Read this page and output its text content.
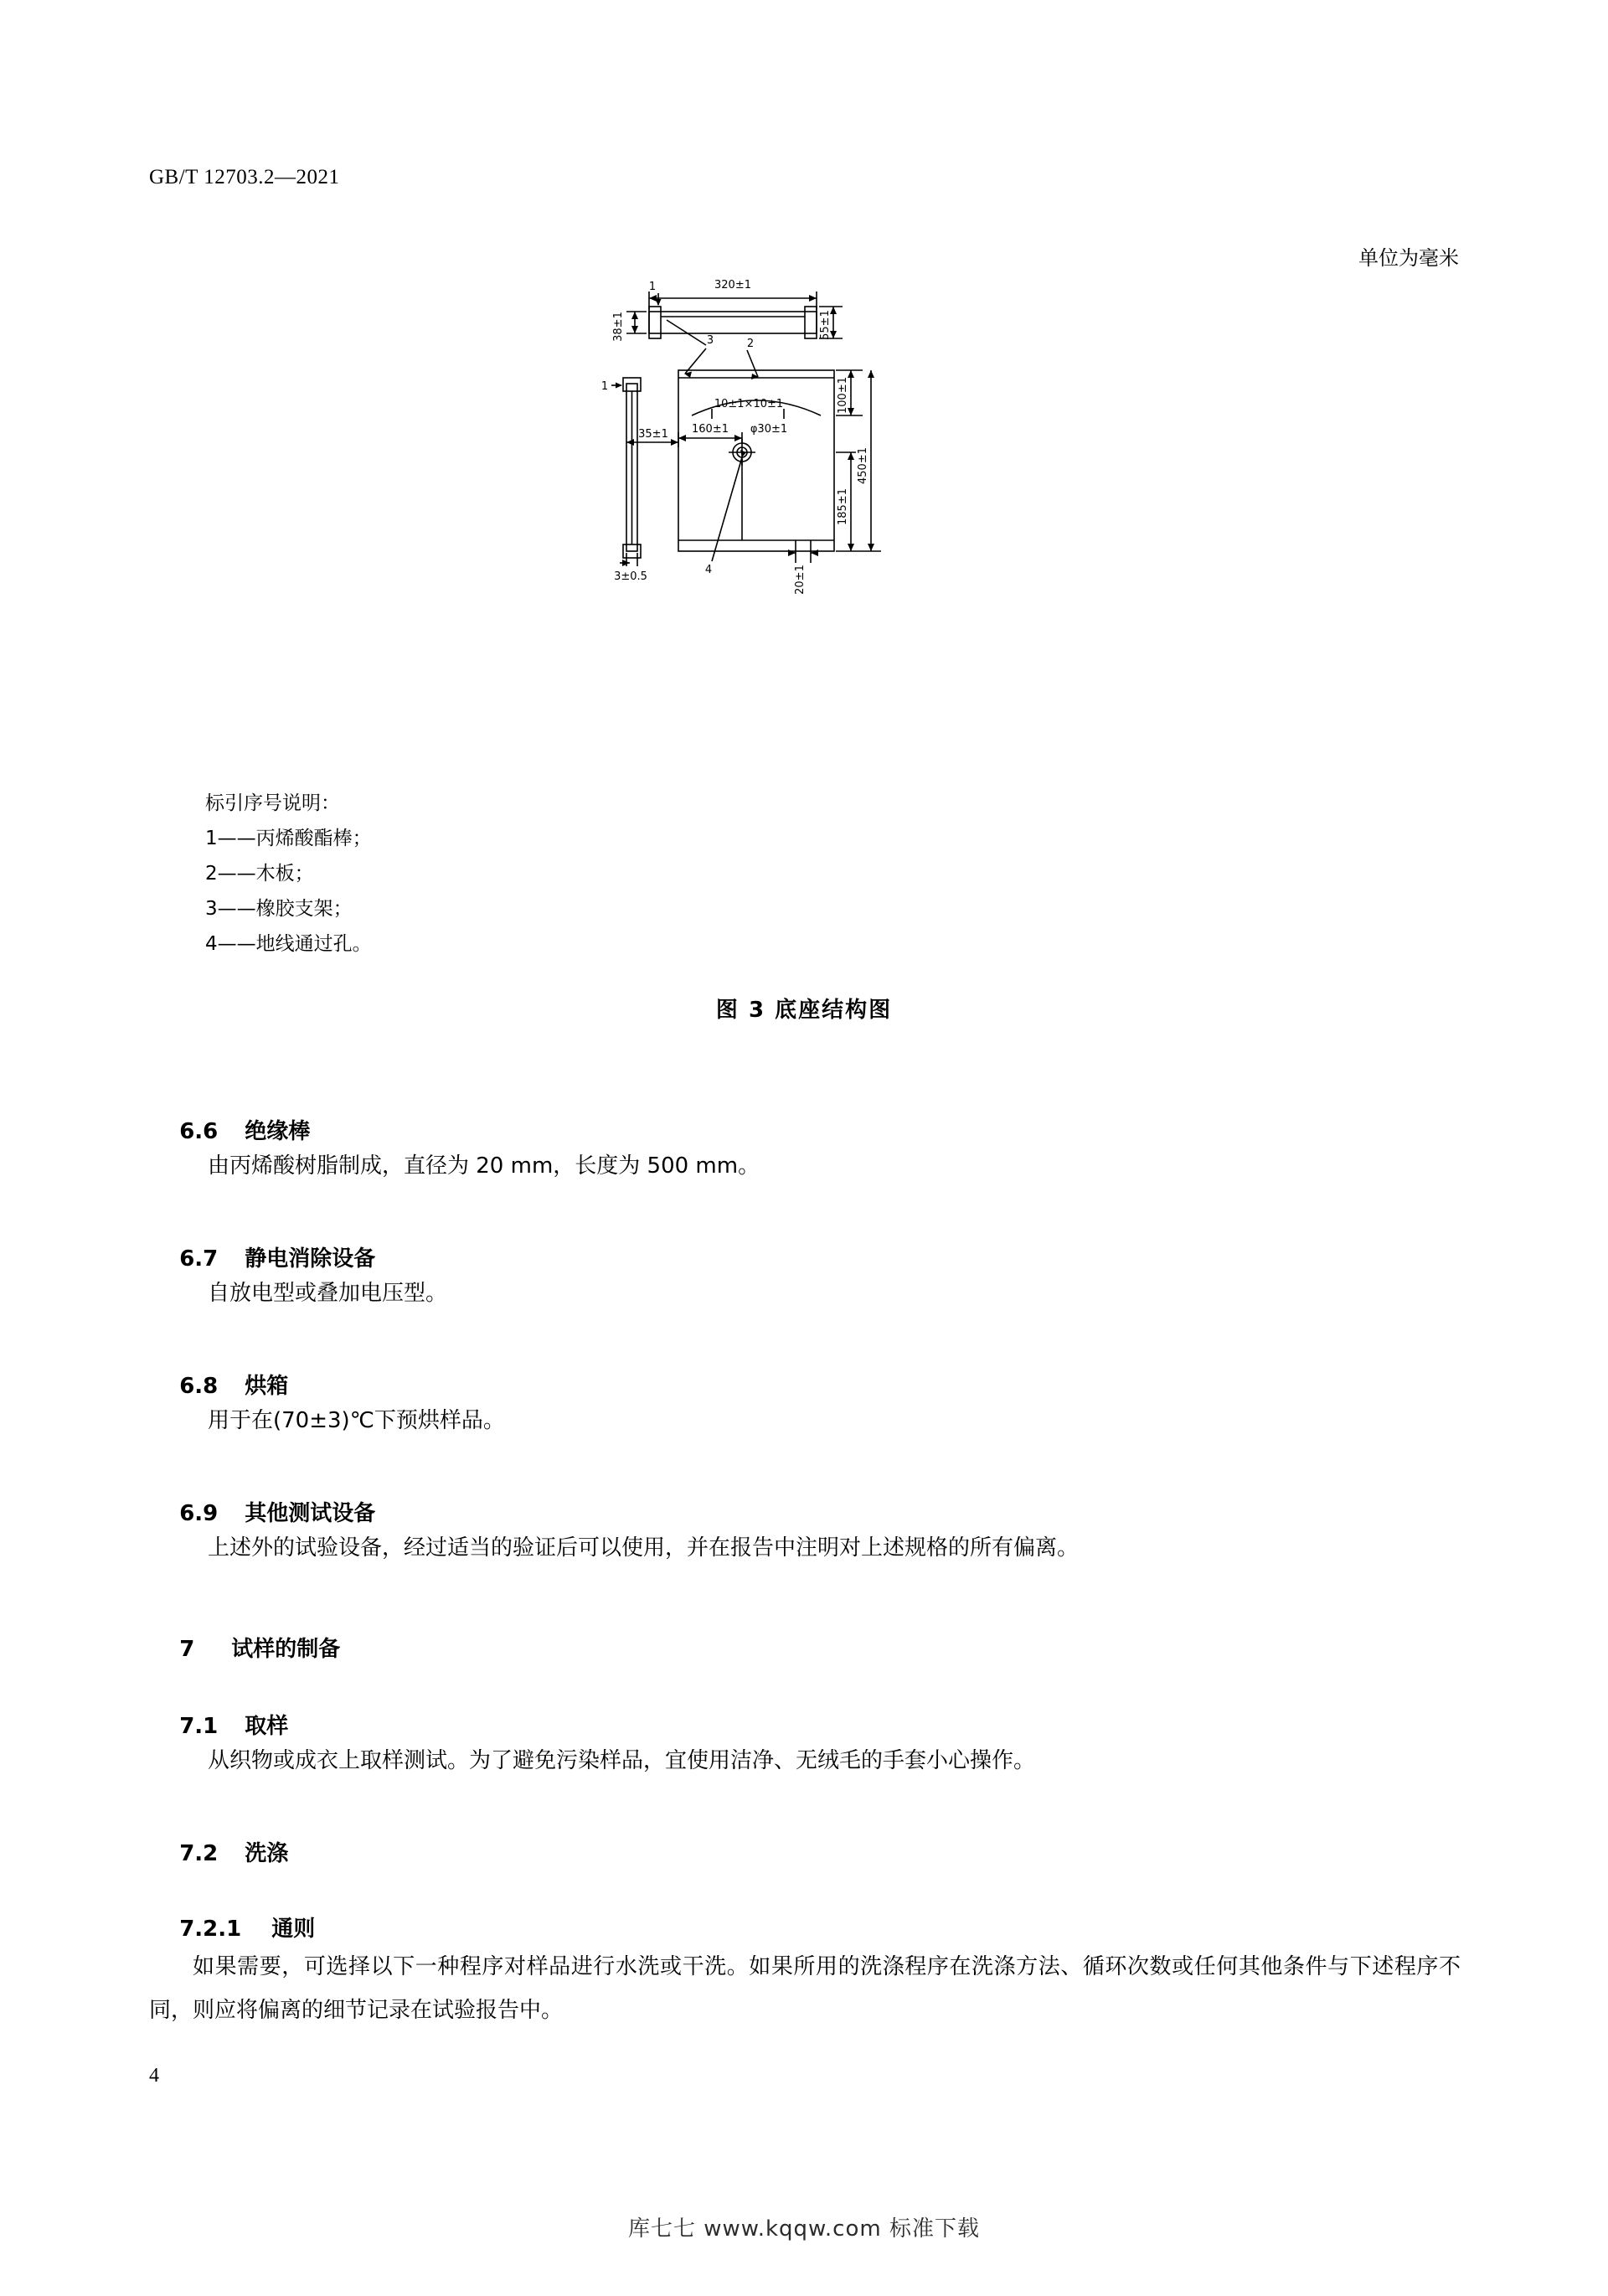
GB/T 12703.2—2021
单位为毫米
320±1
38±1	55±1
1
1
3	2
4
10±1×10±1	100±1
450±1
185±1
160±1 φ30±1
35±1
3±0.5	20±1
标引序号说明：
1——丙烯酸酯棒；
2——木板；
3——橡胶支架；
4——地线通过孔。
图 3 底座结构图

6.6 绝缘棒

由丙烯酸树脂制成，直径为 20 mm，长度为 500 mm。

6.7 静电消除设备

自放电型或叠加电压型。

6.8 烘箱

用于在(70±3)℃下预烘样品。

6.9 其他测试设备

上述外的试验设备，经过适当的验证后可以使用，并在报告中注明对上述规格的所有偏离。

7 试样的制备

7.1 取样

从织物或成衣上取样测试。为了避免污染样品，宜使用洁净、无绒毛的手套小心操作。

7.2 洗涤

7.2.1 通则

如果需要，可选择以下一种程序对样品进行水洗或干洗。如果所用的洗涤程序在洗涤方法、循环次数或任何其他条件与下述程序不同，则应将偏离的细节记录在试验报告中。
4
库七七 www.kqqw.com 标准下载
